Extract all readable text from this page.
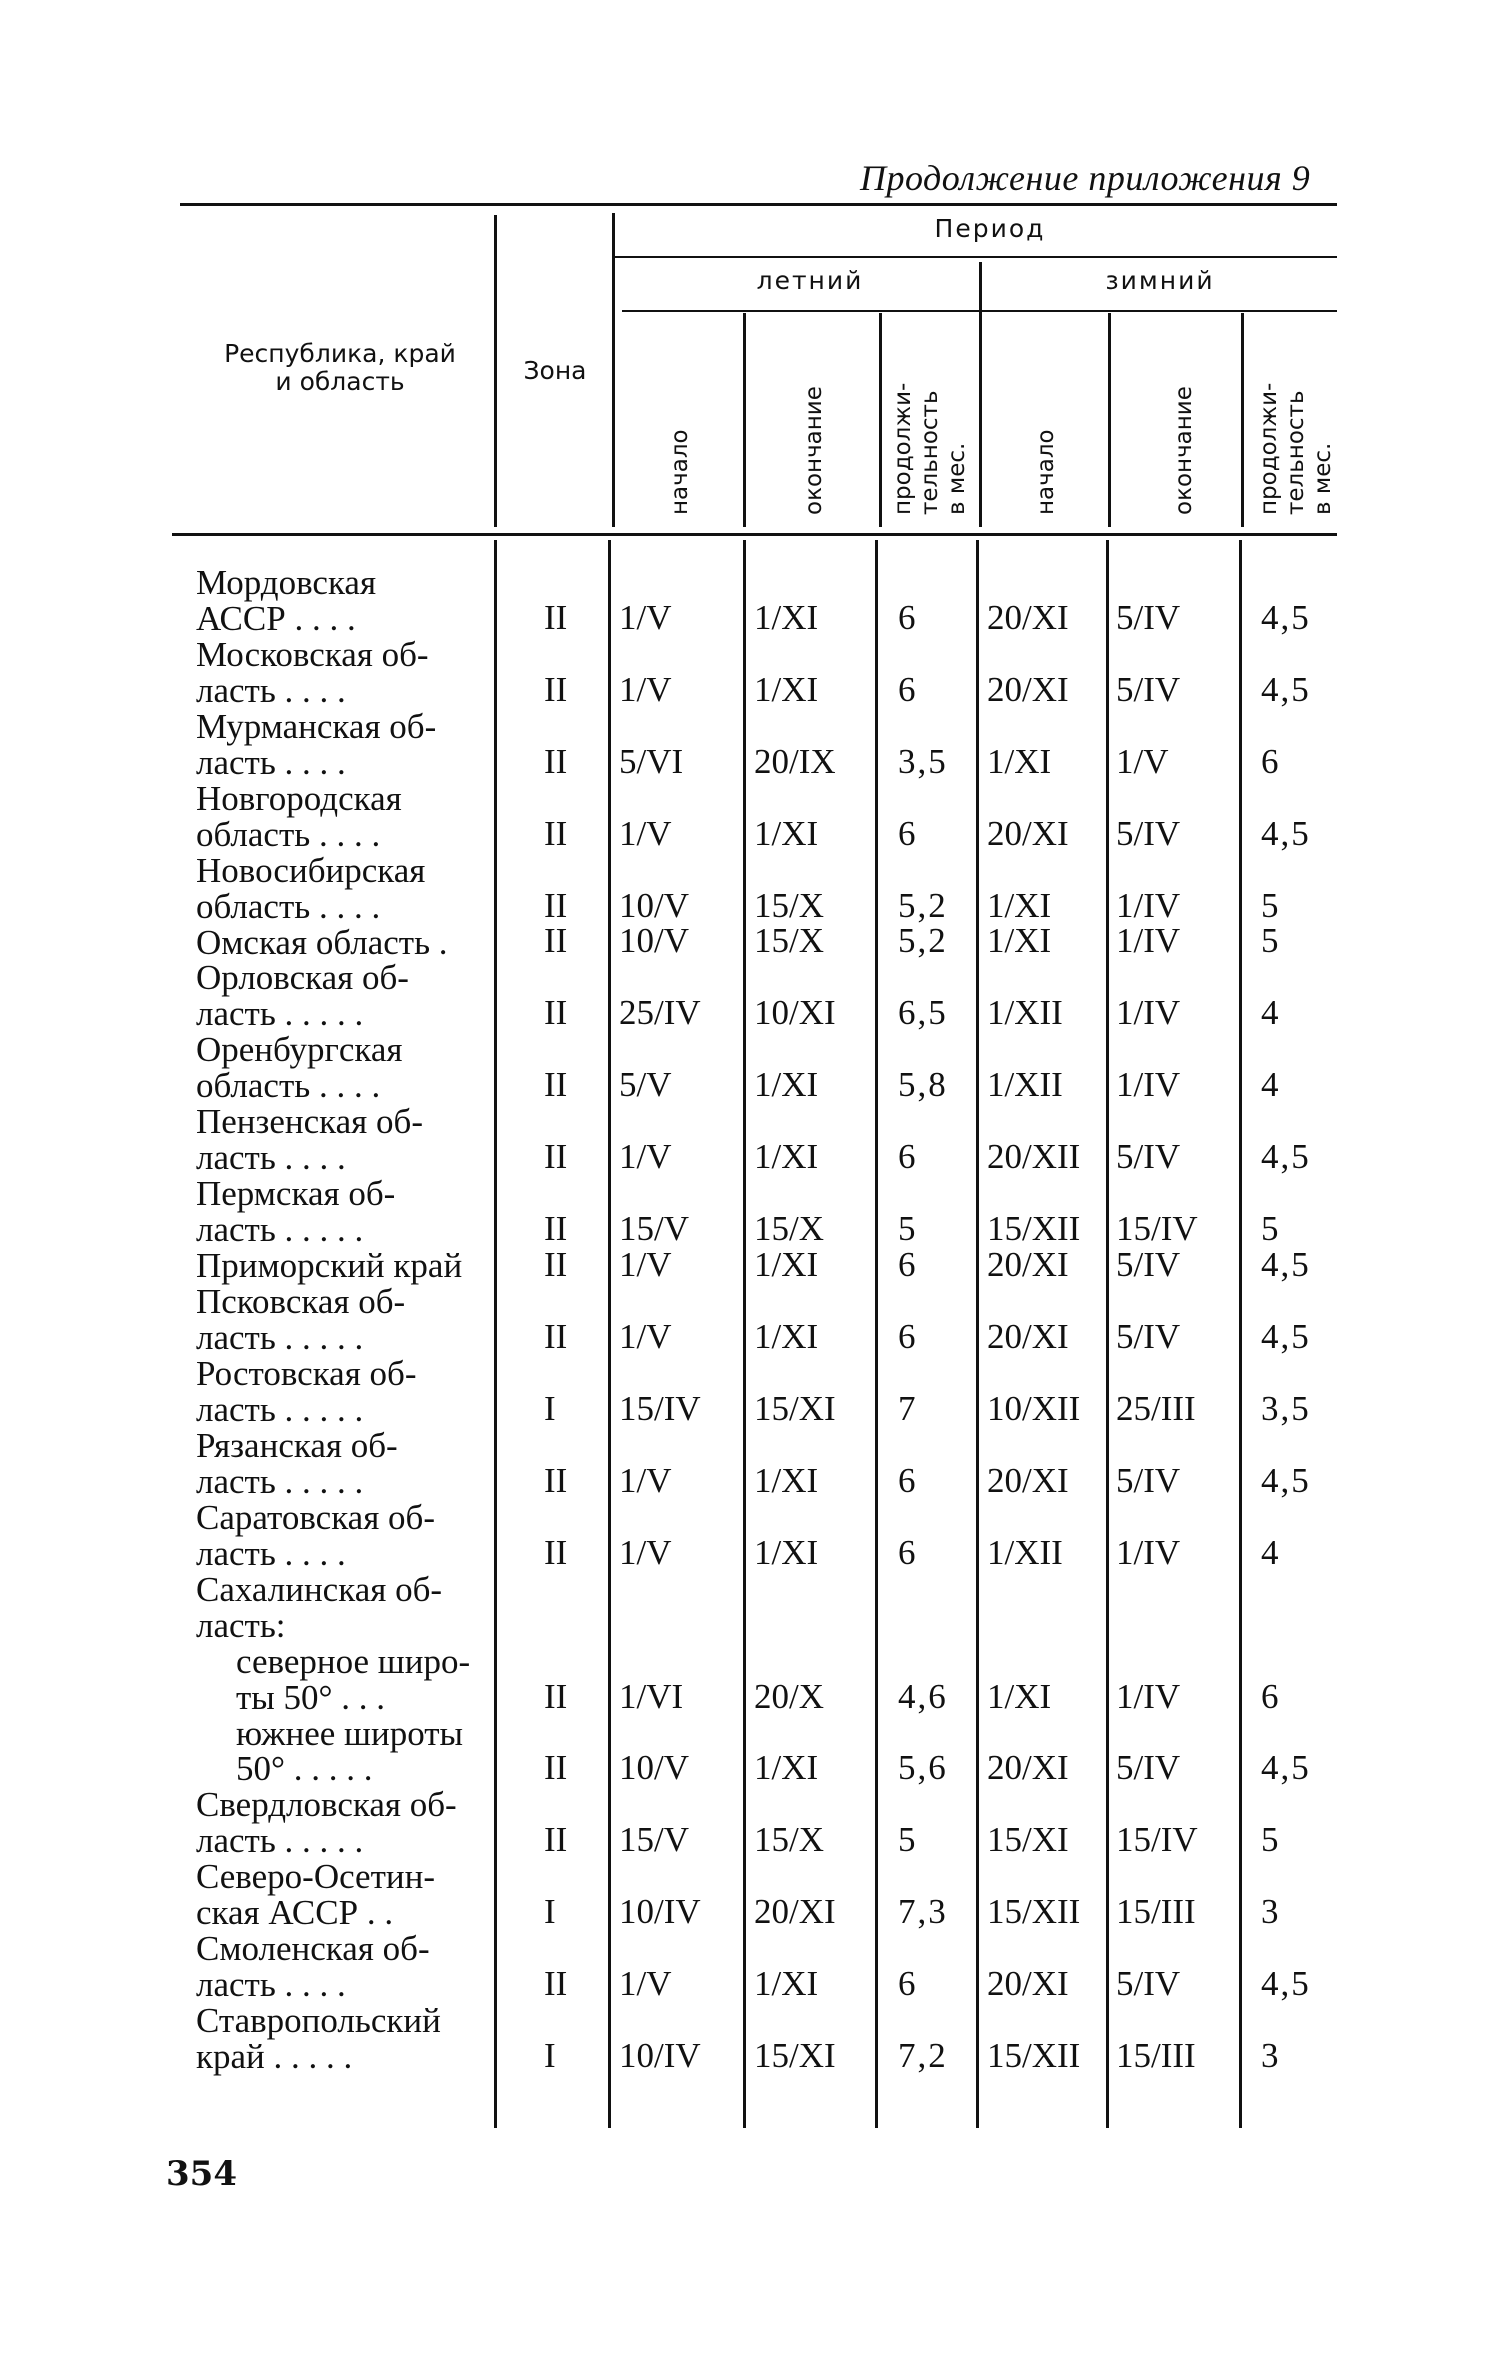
Продолжение приложения 9
Республика, край
и область	Зона
Период
летний	зимний
начало	окончание	продолжи-
тельность
в мес.	начало	окончание	продолжи-
тельность
в мес.
Мордовская
АССР . . . .	II 1/V 1/XI 6 20/XI 5/IV 4,5
Московская об-
ласть . . . .	II 1/V 1/XI 6 20/XI 5/IV 4,5
Мурманская об-
ласть . . . .	II 5/VI 20/IX 3,5 1/XI 1/V	6
Новгородская
область . . . .	II 1/V 1/XI 6 20/XI 5/IV 4,5
Новосибирская
область . . . .	II 10/V 15/X 5,2 1/XI 1/IV 5
Омская область .	II 10/V 15/X 5,2 1/XI 1/IV 5
Орловская об-
ласть . . . . .	II 25/IV 10/XI 6,5 1/XII 1/IV 4
Оренбургская
область . . . .	II 5/V 1/XI 5,8 1/XII 1/IV 4
Пензенская об-
ласть . . . .	II 1/V 1/XI 6 20/XII 5/IV 4,5
Пермская об-
ласть . . . . .	II 15/V 15/X 5 15/XII 15/IV 5
Приморский край	II 1/V 1/XI 6 20/XI 5/IV 4,5
Псковская об-
ласть . . . . .	II 1/V 1/XI 6 20/XI 5/IV 4,5
Ростовская об-
ласть . . . . .	I 15/IV 15/XI 7 10/XII 25/III 3,5
Рязанская об-
ласть . . . . .	II 1/V 1/XI 6 20/XI 5/IV 4,5
Саратовская об-
ласть . . . .	II 1/V 1/XI 6 1/XII 1/IV 4
Сахалинская об-
ласть:
северное широ-
ты 50° . . .	II 1/VI 20/X 4,6 1/XI 1/IV 6
южнее широты
50° . . . . .	II 10/V 1/XI 5,6 20/XI 5/IV 4,5
Свердловская об-
ласть . . . . .	II 15/V 15/X 5 15/XI 15/IV 5
Северо-Осетин-
ская АССР . .	I 10/IV 20/XI 7,3 15/XII 15/III 3
Смоленская об-
ласть . . . .	II 1/V 1/XI 6 20/XI 5/IV 4,5
Ставропольский
край . . . . .	I 10/IV 15/XI 7,2 15/XII 15/III 3
354
